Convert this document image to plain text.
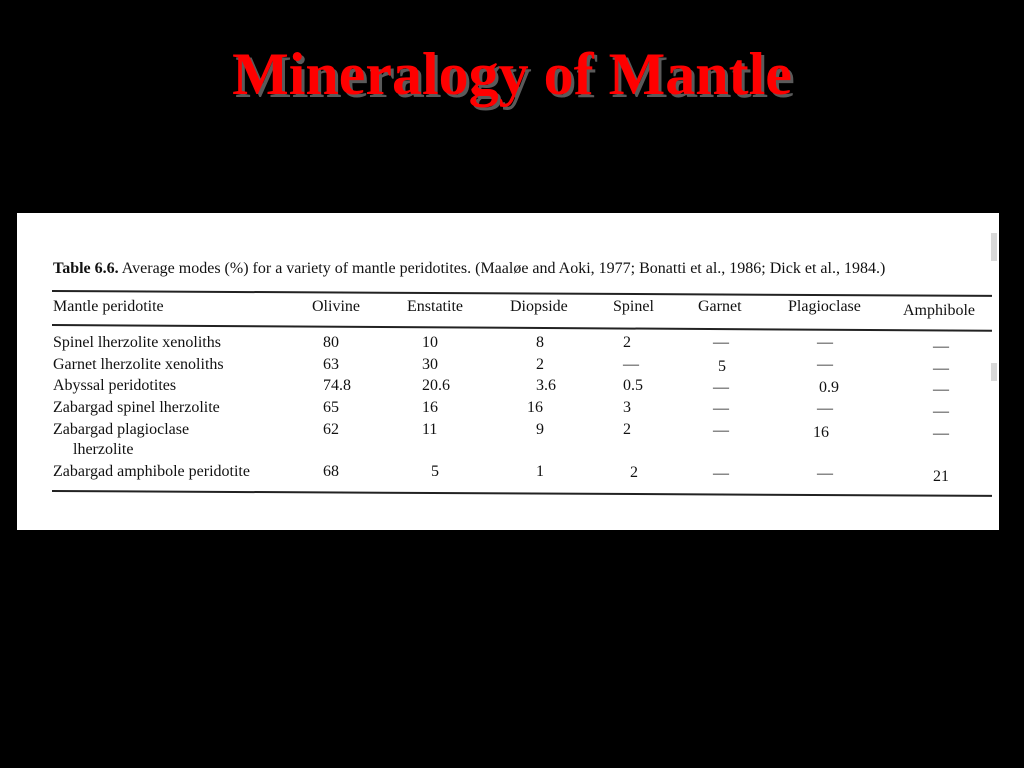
Mineralogy of Mantle
Table 6.6. Average modes (%) for a variety of mantle peridotites. (Maaløe and Aoki, 1977; Bonatti et al., 1986; Dick et al., 1984.)
Mantle peridotite	Olivine	Enstatite	Diopside	Spinel	Garnet	Plagioclase	Amphibole
Spinel lherzolite xenoliths	80	10	8	2	—	—	—
Garnet lherzolite xenoliths	63	30	2	—	5	—	—
Abyssal peridotites	74.8	20.6	3.6	0.5	—	0.9	—
Zabargad spinel lherzolite	65	16	16	3	—	—	—
Zabargad plagioclase
lherzolite
62	11	9	2	—	16	—
Zabargad amphibole peridotite	68	5	1	2	—	—	21
